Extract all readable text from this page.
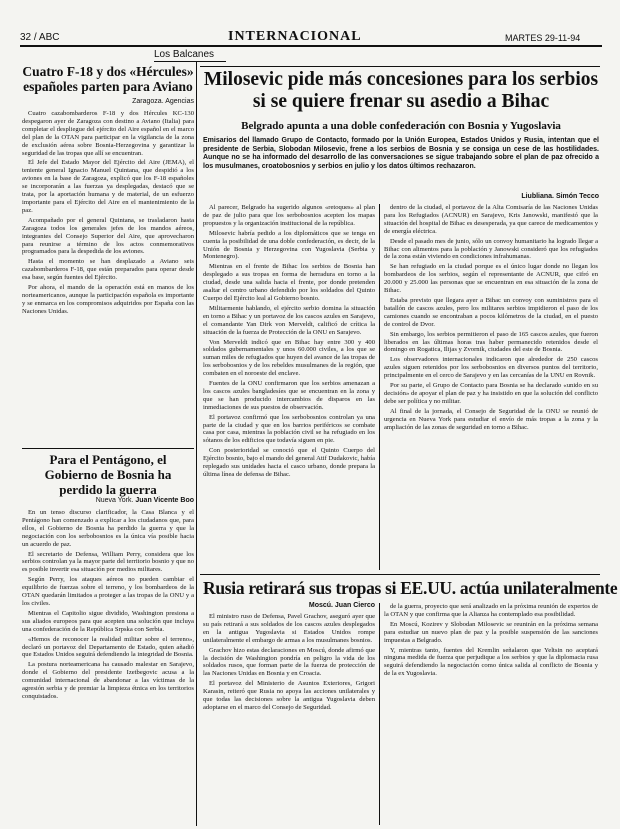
32 / ABC	INTERNACIONAL	MARTES 29-11-94
Los Balcanes
Cuatro F-18 y dos «Hércules» españoles parten para Aviano
Zaragoza. Agencias

Cuatro cazabombarderos F-18 y dos Hércules KC-130 despegaron ayer de Zaragoza con destino a Aviano (Italia) para completar el despliegue del ejército del Aire español en el marco del plan de la OTAN para participar en la vigilancia de la zona de exclusión aérea sobre Bosnia-Herzegovina y garantizar la seguridad de las tropas que allí se encuentran.

El Jefe del Estado Mayor del Ejército del Aire (JEMA), el teniente general Ignacio Manuel Quintana, que despidió a los aviones en la base de Zaragoza, explicó que los F-18 españoles se incorporarán a las fuerzas ya desplegadas, destacó que se trata, por la aportación humana y de material, de un esfuerzo importante para el Ejército del Aire en el mantenimiento de la paz.

Acompañado por el general Quintana, se trasladaron hasta Zaragoza todos los generales jefes de los mandos aéreos, integrantes del Consejo Superior del Aire, que aprovecharon para reunirse a término de los actos conmemorativos programados para la despedida de los aviones.

Hasta el momento se han desplazado a Aviano seis cazabombarderos F-18, que están preparados para operar desde esa base, según fuentes del Ejército.

Por ahora, el mando de la operación está en manos de los norteamericanos, aunque la participación española es importante y se enmarca en los compromisos adquiridos por España con las Naciones Unidas.

Para el Pentágono, el Gobierno de Bosnia ha perdido la guerra
Nueva York. Juan Vicente Boo

En un tenso discurso clarificador, la Casa Blanca y el Pentágono han comenzado a explicar a los ciudadanos que, para ellos, el Gobierno de Bosnia ha perdido la guerra y que la negociación con los serbobosnios es la única vía posible hacia un acuerdo de paz.

El secretario de Defensa, William Perry, considera que los serbios controlan ya la mayor parte del territorio bosnio y que no es posible invertir esa situación por medios militares.

Según Perry, los ataques aéreos no pueden cambiar el equilibrio de fuerzas sobre el terreno, y los bombardeos de la OTAN quedarán limitados a proteger a las tropas de la ONU y a los civiles.

Mientras el Capitolio sigue dividido, Washington presiona a sus aliados europeos para que acepten una solución que incluya una confederación de la República Srpska con Serbia.

«Hemos de reconocer la realidad militar sobre el terreno», declaró un portavoz del Departamento de Estado, quien añadió que Estados Unidos seguirá defendiendo la integridad de Bosnia.

La postura norteamericana ha causado malestar en Sarajevo, donde el Gobierno del presidente Izetbegovic acusa a la comunidad internacional de abandonar a las víctimas de la agresión serbia y de premiar la limpieza étnica en los territorios conquistados.

Milosevic pide más concesiones para los serbios si se quiere frenar su asedio a Bihac
Belgrado apunta a una doble confederación con Bosnia y Yugoslavia
Emisarios del llamado Grupo de Contacto, formado por la Unión Europea, Estados Unidos y Rusia, intentan que el presidente de Serbia, Slobodan Milosevic, frene a los serbios de Bosnia y se consiga un cese de las hostilidades. Aunque no se ha informado del desarrollo de las conversaciones se sigue trabajando sobre el plan de paz ofrecido a los musulmanes, croatobosnios y serbios en julio y los datos últimos rechazaron.
Liubliana. Simón Tecco

Al parecer, Belgrado ha sugerido algunos «retoques» al plan de paz de julio para que los serbobosnios acepten los mapas propuestos y la organización institucional de la república.

Milosevic habría pedido a los diplomáticos que se tenga en cuenta la posibilidad de una doble confederación, es decir, de la Unión de Bosnia y Herzegovina con Yugoslavia (Serbia y Montenegro).

Mientras en el frente de Bihac los serbios de Bosnia han desplegado a sus tropas en forma de herradura en torno a la ciudad, desde una salida hacia el frente, por donde pretenden asaltar el centro urbano defendido por los soldados del Quinto Cuerpo del Ejército leal al Gobierno bosnio.

Militarmente hablando, el ejército serbio domina la situación en torno a Bihac y un portavoz de los cascos azules en Sarajevo, el comandante Yan Dirk von Merveldt, calificó de crítica la situación de la fuerza de Protección de la ONU en Sarajevo.

Von Merveldt indicó que en Bihac hay entre 300 y 400 soldados gubernamentales y unos 60.000 civiles, a los que se suman miles de refugiados que huyen del avance de las tropas de los serbobosnios y de los rebeldes musulmanes de la región, que combaten en el noroeste del enclave.

Fuentes de la ONU confirmaron que los serbios amenazan a los cascos azules bangladesíes que se encuentran en la zona y que se han producido intercambios de disparos en las inmediaciones de sus puestos de observación.

El portavoz confirmó que los serbobosnios controlan ya una parte de la ciudad y que en los barrios periféricos se combate casa por casa, mientras la población civil se ha refugiado en los sótanos de los edificios que todavía siguen en pie.

Con posterioridad se conoció que el Quinto Cuerpo del Ejército bosnio, bajo el mando del general Atif Dudakovic, había replegado sus unidades hacia el casco urbano, donde prepara la última línea de defensa de Bihac.

dentro de la ciudad, el portavoz de la Alta Comisaría de las Naciones Unidas para los Refugiados (ACNUR) en Sarajevo, Kris Janowski, manifestó que la situación del hospital de Bihac es desesperada, ya que carece de medicamentos y de energía eléctrica.

Desde el pasado mes de junio, sólo un convoy humanitario ha logrado llegar a Bihac con alimentos para la población y Janowski consideró que los refugiados de la zona están viviendo en condiciones infrahumanas.

Se han refugiado en la ciudad porque es el único lugar donde no llegan los bombardeos de los serbios, según el representante de ACNUR, que cifró en 20.000 y 25.000 las personas que se encuentran en esa situación de la zona de Bihac.

Estaba previsto que llegara ayer a Bihac un convoy con suministros para el batallón de cascos azules, pero los militares serbios impidieron el paso de los camiones cuando se encontraban a pocos kilómetros de la ciudad, en el puesto de control de Dvor.

Sin embargo, los serbios permitieron el paso de 165 cascos azules, que fueron liberados en las últimas horas tras haber permanecido retenidos desde el domingo en Rogatica, Ilijas y Zvornik, ciudades del este de Bosnia.

Los observadores internacionales indicaron que alrededor de 250 cascos azules siguen retenidos por los serbobosnios en diversos puntos del territorio, principalmente en el cerco de Sarajevo y en las cercanías de la UNU en Rovnik.

Por su parte, el Grupo de Contacto para Bosnia se ha declarado «unido en su decisión» de apoyar el plan de paz y ha insistido en que la solución del conflicto debe ser política y no militar.

Al final de la jornada, el Consejo de Seguridad de la ONU se reunió de urgencia en Nueva York para estudiar el envío de más tropas a la zona y la ampliación de las zonas de seguridad en torno a Bihac.

Rusia retirará sus tropas si EE.UU. actúa unilateralmente
Moscú. Juan Cierco

El ministro ruso de Defensa, Pavel Grachov, aseguró ayer que su país retirará a sus soldados de los cascos azules desplegados en la antigua Yugoslavia si Estados Unidos rompe unilateralmente el embargo de armas a los musulmanes bosnios.

Grachov hizo estas declaraciones en Moscú, donde afirmó que la decisión de Washington pondría en peligro la vida de los soldados rusos, que forman parte de la fuerza de protección de las Naciones Unidas en Bosnia y en Croacia.

El portavoz del Ministerio de Asuntos Exteriores, Grigori Karasin, reiteró que Rusia no apoya las acciones unilaterales y que todas las decisiones sobre la antigua Yugoslavia deben adoptarse en el marco del Consejo de Seguridad.

de la guerra, proyecto que será analizado en la próxima reunión de expertos de la OTAN y que confirma que la Alianza ha contemplado esa posibilidad.

En Moscú, Kozirev y Slobodan Milosevic se reunirán en la próxima semana para estudiar un nuevo plan de paz y la posible suspensión de las sanciones impuestas a Belgrado.

Y, mientras tanto, fuentes del Kremlin señalaron que Yeltsin no aceptará ninguna medida de fuerza que perjudique a los serbios y que la diplomacia rusa seguirá defendiendo la negociación como única salida al conflicto de Bosnia y de la ex Yugoslavia.
